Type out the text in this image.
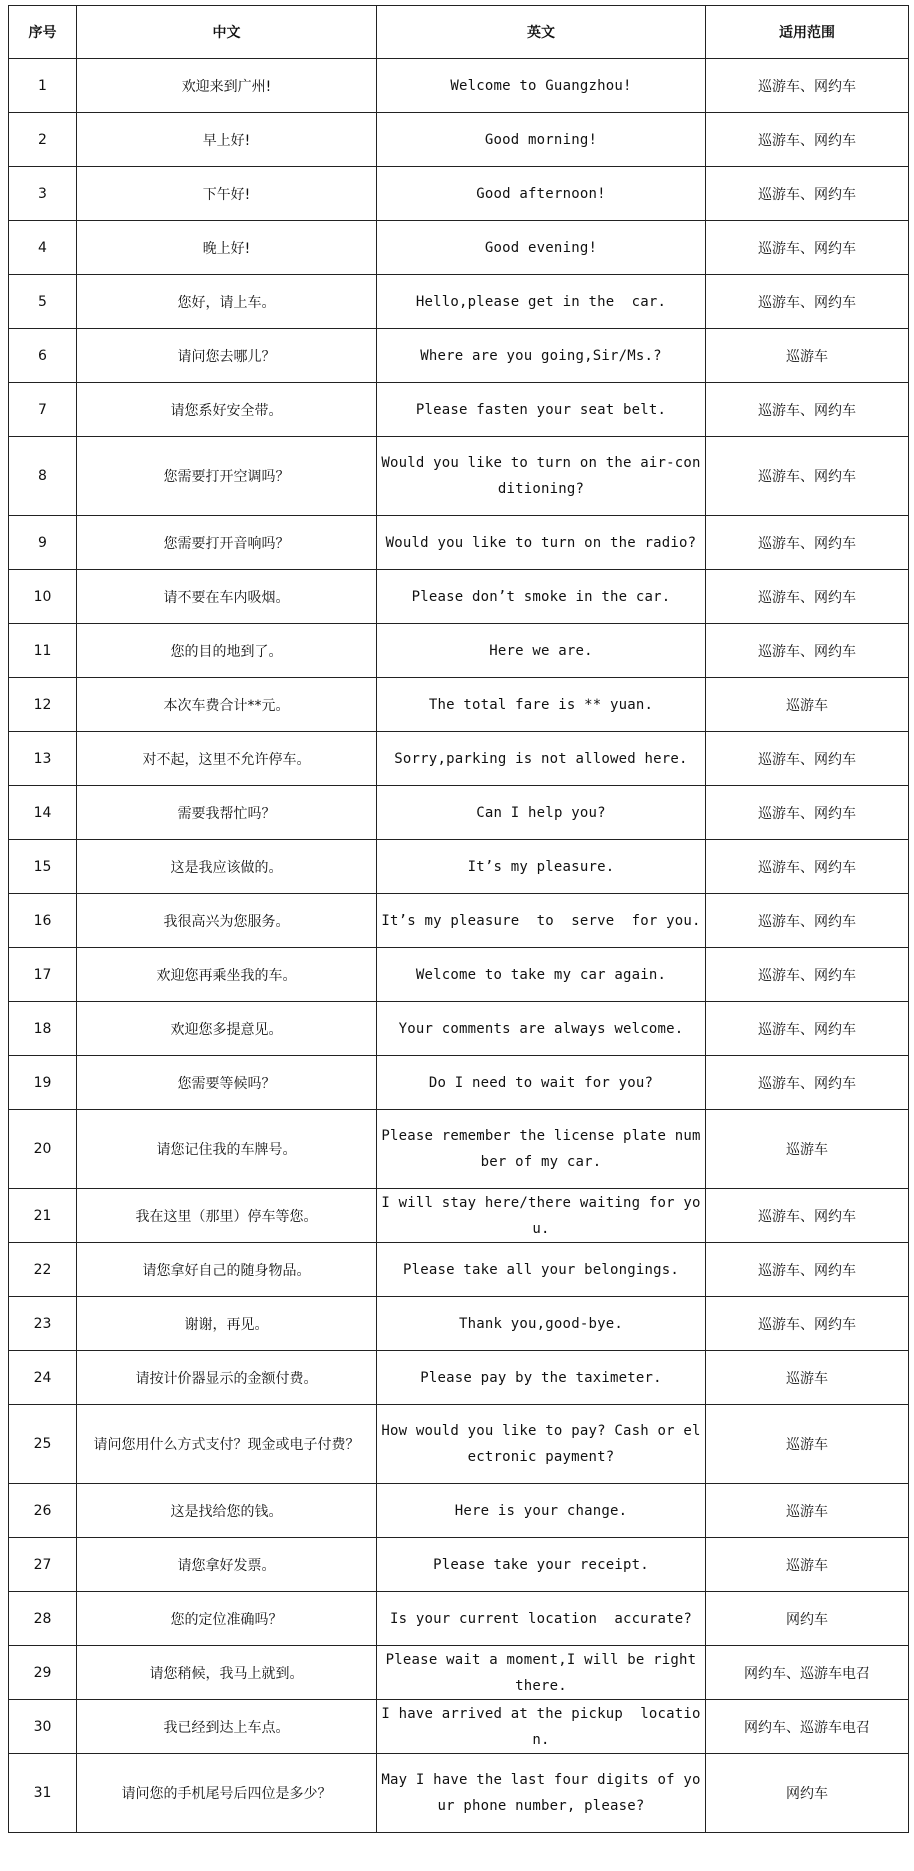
序号	中文	英文	适用范围
1	欢迎来到广州!	Welcome to Guangzhou!	巡游车、网约车
2	早上好!	Good morning!	巡游车、网约车
3	下午好!	Good afternoon!	巡游车、网约车
4	晚上好!	Good evening!	巡游车、网约车
5	您好，请上车。	Hello,please get in the  car.	巡游车、网约车
6	请问您去哪儿？	Where are you going,Sir/Ms.?	巡游车
7	请您系好安全带。	Please fasten your seat belt.	巡游车、网约车
8	您需要打开空调吗？	Would you like to turn on the air-conditioning?	巡游车、网约车
9	您需要打开音响吗？	Would you like to turn on the radio?	巡游车、网约车
10	请不要在车内吸烟。	Please don’t smoke in the car.	巡游车、网约车
11	您的目的地到了。	Here we are.	巡游车、网约车
12	本次车费合计**元。	The total fare is ** yuan.	巡游车
13	对不起，这里不允许停车。	Sorry,parking is not allowed here.	巡游车、网约车
14	需要我帮忙吗？	Can I help you?	巡游车、网约车
15	这是我应该做的。	It’s my pleasure.	巡游车、网约车
16	我很高兴为您服务。	It’s my pleasure  to  serve  for you.	巡游车、网约车
17	欢迎您再乘坐我的车。	Welcome to take my car again.	巡游车、网约车
18	欢迎您多提意见。	Your comments are always welcome.	巡游车、网约车
19	您需要等候吗？	Do I need to wait for you?	巡游车、网约车
20	请您记住我的车牌号。	Please remember the license plate number of my car.	巡游车
21	我在这里（那里）停车等您。	I will stay here/there waiting for you.	巡游车、网约车
22	请您拿好自己的随身物品。	Please take all your belongings.	巡游车、网约车
23	谢谢，再见。	Thank you,good-bye.	巡游车、网约车
24	请按计价器显示的金额付费。	Please pay by the taximeter.	巡游车
25	请问您用什么方式支付？现金或电子付费？	How would you like to pay? Cash or electronic payment?	巡游车
26	这是找给您的钱。	Here is your change.	巡游车
27	请您拿好发票。	Please take your receipt.	巡游车
28	您的定位准确吗？	Is your current location  accurate?	网约车
29	请您稍候，我马上就到。	Please wait a moment,I will be right there.	网约车、巡游车电召
30	我已经到达上车点。	I have arrived at the pickup  location.	网约车、巡游车电召
31	请问您的手机尾号后四位是多少？	May I have the last four digits of your phone number, please?	网约车
